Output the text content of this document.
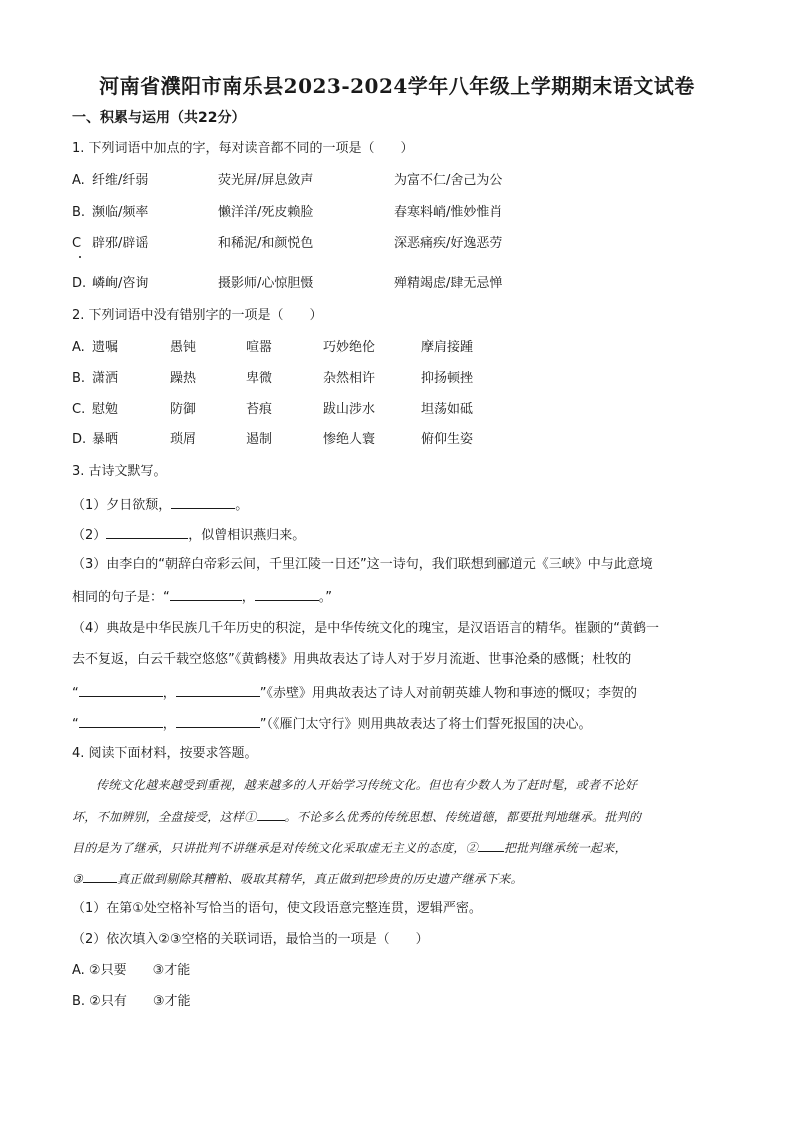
河南省濮阳市南乐县2023-2024学年八年级上学期期末语文试卷
一、积累与运用（共22分）
1. 下列词语中加点的字，每对读音都不同的一项是（　　）
A. 纤维/纤弱	荧光屏/屏息敛声	为富不仁/舍己为公
B. 濒临/频率	懒洋洋/死皮赖脸	春寒料峭/惟妙惟肖
C 辟邪/辟谣	和稀泥/和颜悦色	深恶痛疾/好逸恶劳
D. 嶙峋/咨询	摄影师/心惊胆慑	殚精竭虑/肆无忌惮
2. 下列词语中没有错别字的一项是（　　）
A. 遗嘱	愚钝	喧嚣	巧妙绝伦	摩肩接踵
B. 潇洒	躁热	卑微	杂然相许	抑扬顿挫
C. 慰勉	防御	苔痕	跋山涉水	坦荡如砥
D. 暴晒	琐屑	遏制	惨绝人寰	俯仰生姿
3. 古诗文默写。
（1）夕日欲颓，	。
（2）	，似曾相识燕归来。
（3）由李白的“朝辞白帝彩云间，千里江陵一日还”这一诗句，我们联想到郦道元《三峡》中与此意境
相同的句子是：“	，	。”
（4）典故是中华民族几千年历史的积淀，是中华传统文化的瑰宝，是汉语语言的精华。崔颢的“黄鹤一
去不复返，白云千载空悠悠”《黄鹤楼》用典故表达了诗人对于岁月流逝、世事沧桑的感慨；杜牧的
“	，	”《赤壁》用典故表达了诗人对前朝英雄人物和事迹的慨叹；李贺的
“	，	”（《雁门太守行》则用典故表达了将士们誓死报国的决心。
4. 阅读下面材料，按要求答题。
传统文化越来越受到重视，越来越多的人开始学习传统文化。但也有少数人为了赶时髦，或者不论好
坏，不加辨别，全盘接受，这样① 。不论多么优秀的传统思想、传统道德，都要批判地继承。批判的
目的是为了继承，只讲批判不讲继承是对传统文化采取虚无主义的态度，② 把批判继承统一起来，
③	真正做到剔除其糟粕、吸取其精华，真正做到把珍贵的历史遗产继承下来。
（1）在第①处空格补写恰当的语句，使文段语意完整连贯，逻辑严密。
（2）依次填入②③空格的关联词语，最恰当的一项是（　　）
A. ②只要　　③才能
B. ②只有　　③才能
